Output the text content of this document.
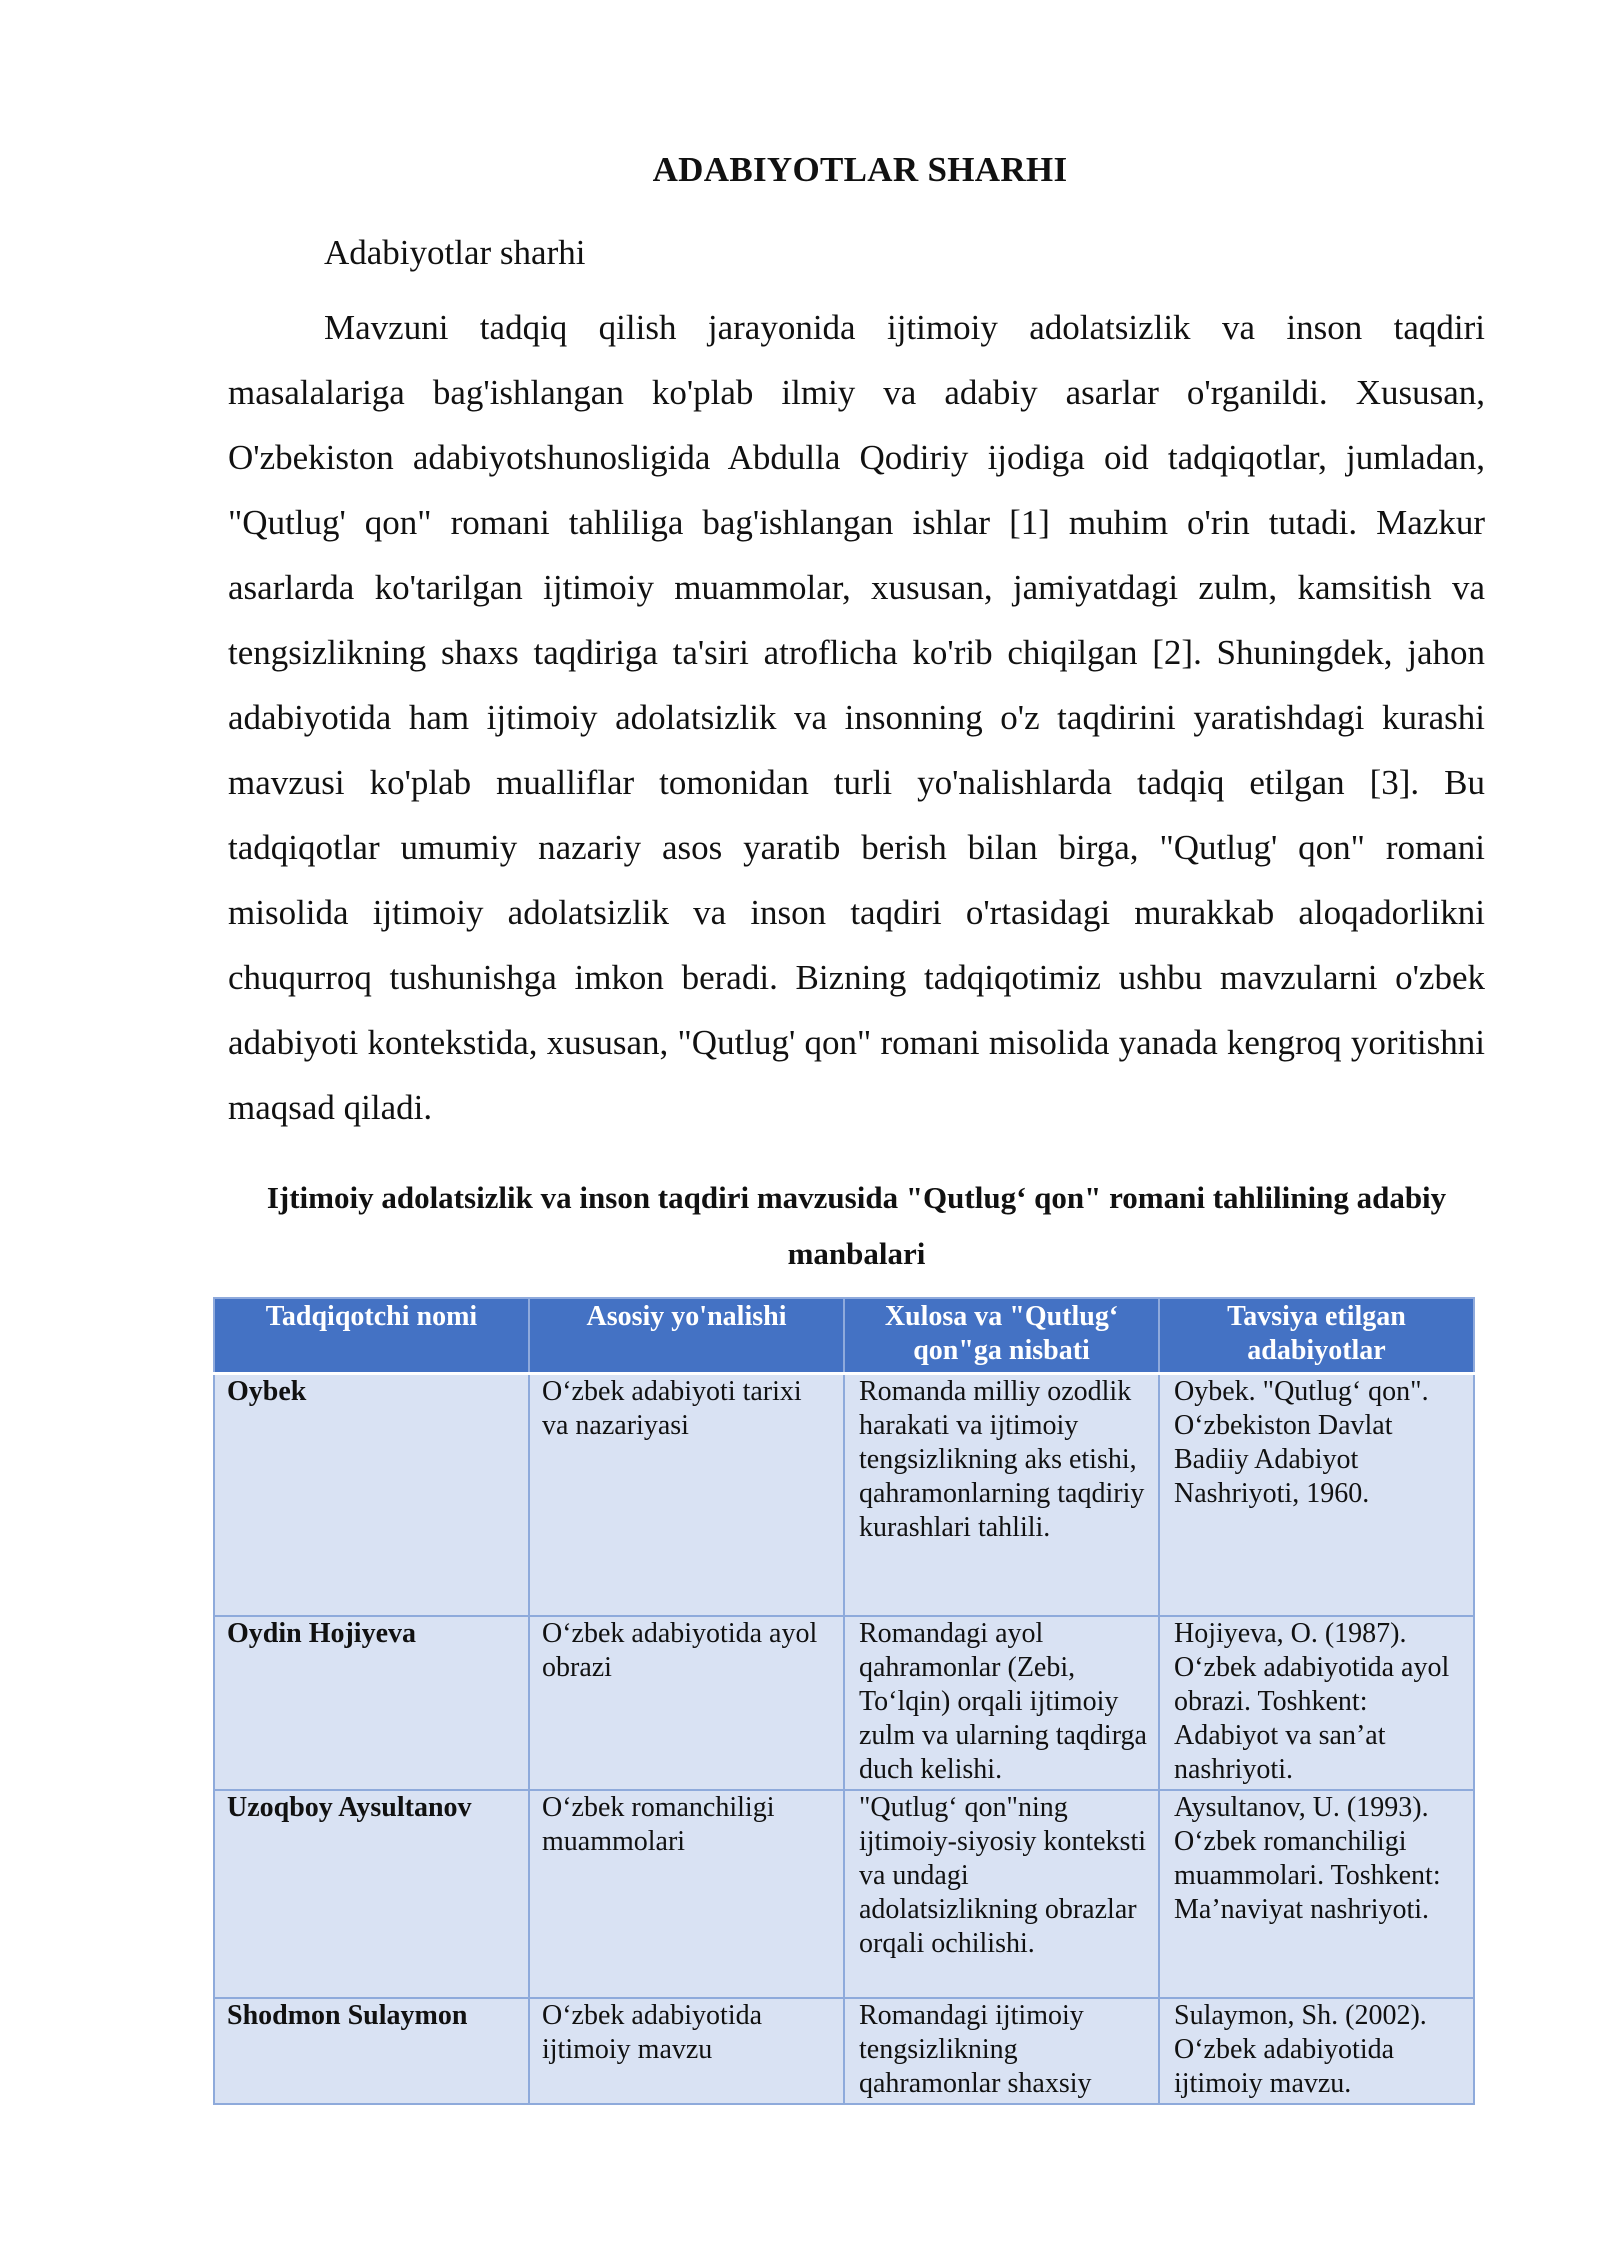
ADABIYOTLAR SHARHI
Adabiyotlar sharhi

Mavzuni tadqiq qilish jarayonida ijtimoiy adolatsizlik va inson taqdiri masalalariga bag'ishlangan ko'plab ilmiy va adabiy asarlar o'rganildi. Xususan, O'zbekiston adabiyotshunosligida Abdulla Qodiriy ijodiga oid tadqiqotlar, jumladan, "Qutlug' qon" romani tahliliga bag'ishlangan ishlar [1] muhim o'rin tutadi. Mazkur asarlarda ko'tarilgan ijtimoiy muammolar, xususan, jamiyatdagi zulm, kamsitish va tengsizlikning shaxs taqdiriga ta'siri atroflicha ko'rib chiqilgan [2]. Shuningdek, jahon adabiyotida ham ijtimoiy adolatsizlik va insonning o'z taqdirini yaratishdagi kurashi mavzusi ko'plab mualliflar tomonidan turli yo'nalishlarda tadqiq etilgan [3]. Bu tadqiqotlar umumiy nazariy asos yaratib berish bilan birga, "Qutlug' qon" romani misolida ijtimoiy adolatsizlik va inson taqdiri o'rtasidagi murakkab aloqadorlikni chuqurroq tushunishga imkon beradi. Bizning tadqiqotimiz ushbu mavzularni o'zbek adabiyoti kontekstida, xususan, "Qutlug' qon" romani misolida yanada kengroq yoritishni maqsad qiladi.

Ijtimoiy adolatsizlik va inson taqdiri mavzusida "Qutlug‘ qon" romani tahlilining adabiy manbalari
Tadqiqotchi nomi	Asosiy yo'nalishi	Xulosa va "Qutlug‘ qon"ga nisbati	Tavsiya etilgan adabiyotlar
Oybek	O‘zbek adabiyoti tarixi va nazariyasi	Romanda milliy ozodlik harakati va ijtimoiy tengsizlikning aks etishi, qahramonlarning taqdiriy kurashlari tahlili.	Oybek. "Qutlug‘ qon". O‘zbekiston Davlat Badiiy Adabiyot Nashriyoti, 1960.
Oydin Hojiyeva	O‘zbek adabiyotida ayol obrazi	Romandagi ayol qahramonlar (Zebi, To‘lqin) orqali ijtimoiy zulm va ularning taqdirga duch kelishi.	Hojiyeva, O. (1987). O‘zbek adabiyotida ayol obrazi. Toshkent: Adabiyot va san’at nashriyoti.
Uzoqboy Aysultanov	O‘zbek romanchiligi muammolari	"Qutlug‘ qon"ning ijtimoiy-siyosiy konteksti va undagi adolatsizlikning obrazlar orqali ochilishi.	Aysultanov, U. (1993). O‘zbek romanchiligi muammolari. Toshkent: Ma’naviyat nashriyoti.
Shodmon Sulaymon	O‘zbek adabiyotida ijtimoiy mavzu	Romandagi ijtimoiy tengsizlikning qahramonlar shaxsiy	Sulaymon, Sh. (2002). O‘zbek adabiyotida ijtimoiy mavzu.
